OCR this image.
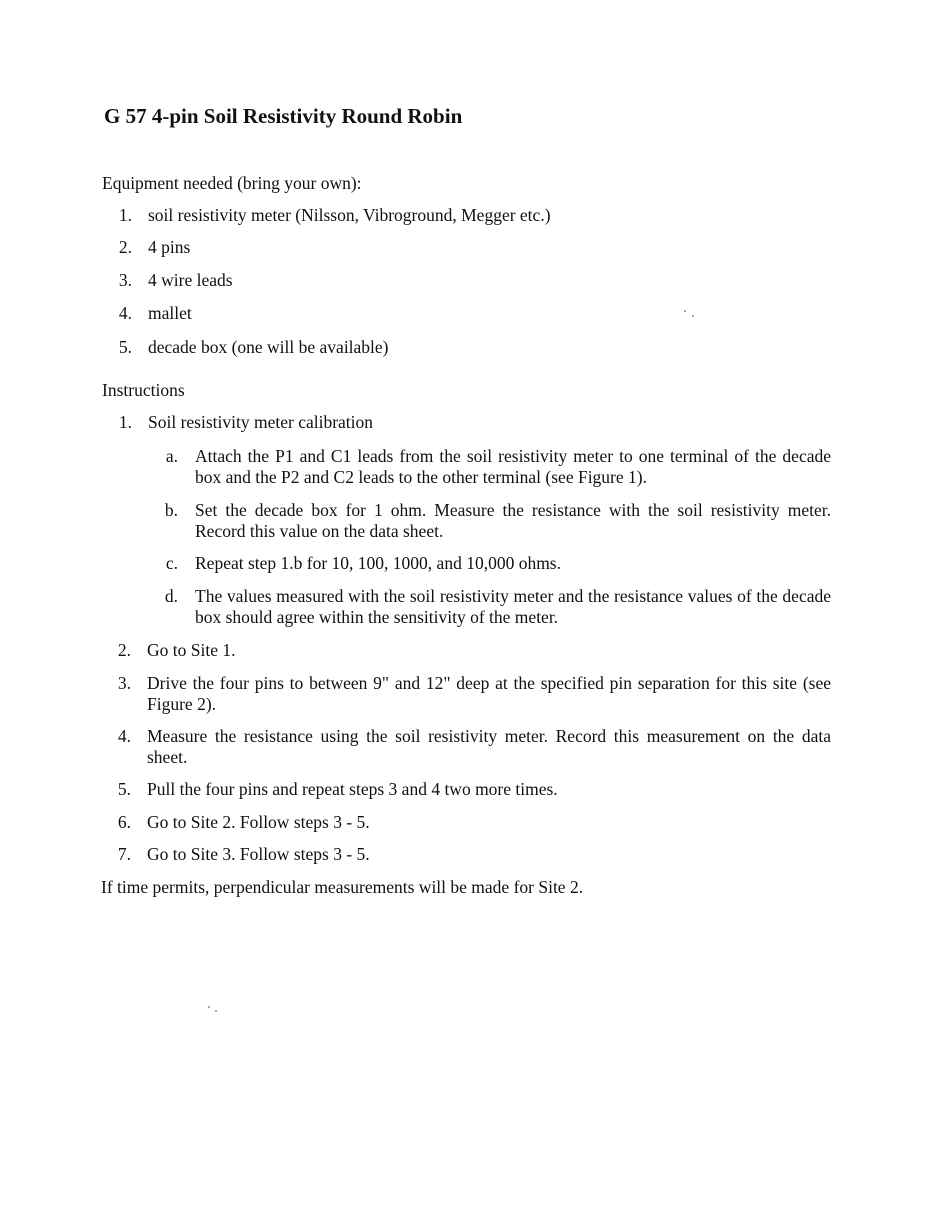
G 57 4-pin Soil Resistivity Round Robin

Equipment needed (bring your own):

1. soil resistivity meter (Nilsson, Vibroground, Megger etc.)
2. 4 pins
3. 4 wire leads
4. mallet
5. decade box (one will be available)

Instructions

1. Soil resistivity meter calibration
a. Attach the P1 and C1 leads from the soil resistivity meter to one terminal of the decade box and the P2 and C2 leads to the other terminal (see Figure 1).
b. Set the decade box for 1 ohm. Measure the resistance with the soil resistivity meter. Record this value on the data sheet.
c. Repeat step 1.b for 10, 100, 1000, and 10,000 ohms.
d. The values measured with the soil resistivity meter and the resistance values of the decade box should agree within the sensitivity of the meter.
2. Go to Site 1.
3. Drive the four pins to between 9" and 12" deep at the specified pin separation for this site (see Figure 2).
4. Measure the resistance using the soil resistivity meter. Record this measurement on the data sheet.
5. Pull the four pins and repeat steps 3 and 4 two more times.
6. Go to Site 2. Follow steps 3 - 5.
7. Go to Site 3. Follow steps 3 - 5.

If time permits, perpendicular measurements will be made for Site 2.
